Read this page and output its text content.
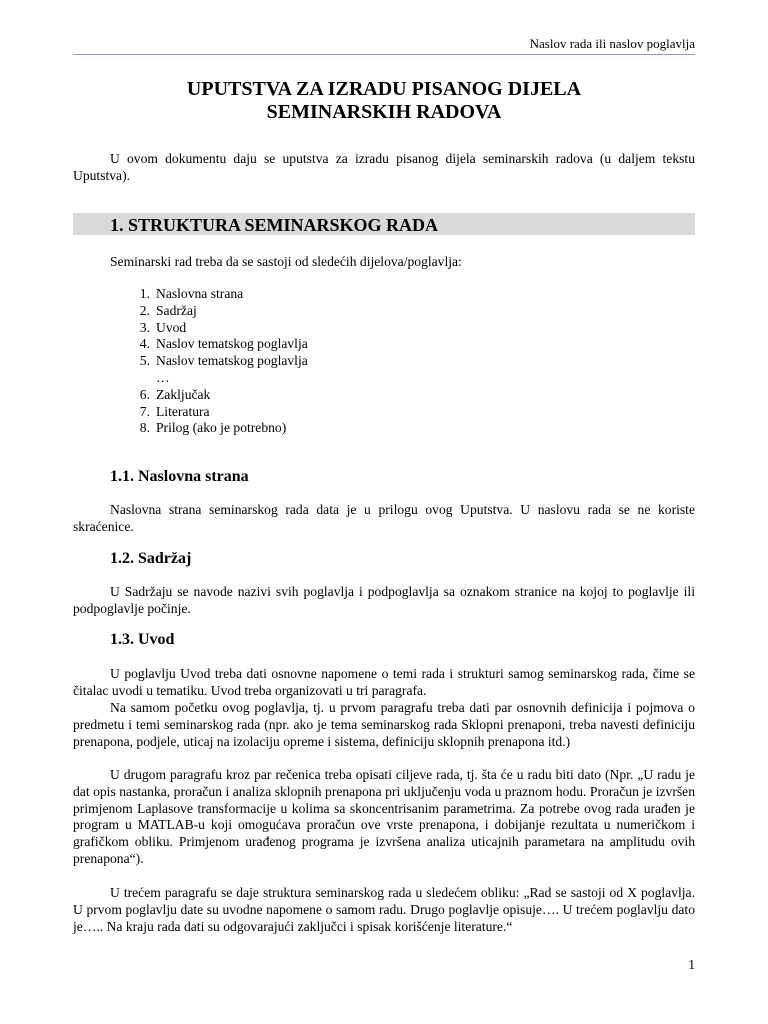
Naslov rada ili naslov poglavlja
UPUTSTVA ZA IZRADU PISANOG DIJELA
SEMINARSKIH RADOVA

U ovom dokumentu daju se uputstva za izradu pisanog dijela seminarskih radova (u daljem tekstu Uputstva).

1. STRUKTURA SEMINARSKOG RADA

Seminarski rad treba da se sastoji od sledećih dijelova/poglavlja:

1. Naslovna strana
2. Sadržaj
3. Uvod
4. Naslov tematskog poglavlja
5. Naslov tematskog poglavlja
…
6. Zaključak
7. Literatura
8. Prilog (ako je potrebno)
1.1. Naslovna strana

Naslovna strana seminarskog rada data je u prilogu ovog Uputstva. U naslovu rada se ne koriste skraćenice.

1.2. Sadržaj

U Sadržaju se navode nazivi svih poglavlja i podpoglavlja sa oznakom stranice na kojoj to poglavlje ili podpoglavlje počinje.

1.3. Uvod

U poglavlju Uvod treba dati osnovne napomene o temi rada i strukturi samog seminarskog rada, čime se čitalac uvodi u tematiku. Uvod treba organizovati u tri paragrafa.

Na samom početku ovog poglavlja, tj. u prvom paragrafu treba dati par osnovnih definicija i pojmova o predmetu i temi seminarskog rada (npr. ako je tema seminarskog rada Sklopni prenaponi, treba navesti definiciju prenapona, podjele, uticaj na izolaciju opreme i sistema, definiciju sklopnih prenapona itd.)

U drugom paragrafu kroz par rečenica treba opisati ciljeve rada, tj. šta će u radu biti dato (Npr. „U radu je dat opis nastanka, proračun i analiza sklopnih prenapona pri uključenju voda u praznom hodu. Proračun je izvršen primjenom Laplasove transformacije u kolima sa skoncentrisanim parametrima. Za potrebe ovog rada urađen je program u MATLAB-u koji omogućava proračun ove vrste prenapona, i dobijanje rezultata u numeričkom i grafičkom obliku. Primjenom urađenog programa je izvršena analiza uticajnih parametara na amplitudu ovih prenapona“).

U trećem paragrafu se daje struktura seminarskog rada u sledećem obliku: „Rad se sastoji od X poglavlja. U prvom poglavlju date su uvodne napomene o samom radu. Drugo poglavlje opisuje…. U trećem poglavlju dato je….. Na kraju rada dati su odgovarajući zaključci i spisak korišćenje literature.“

1
